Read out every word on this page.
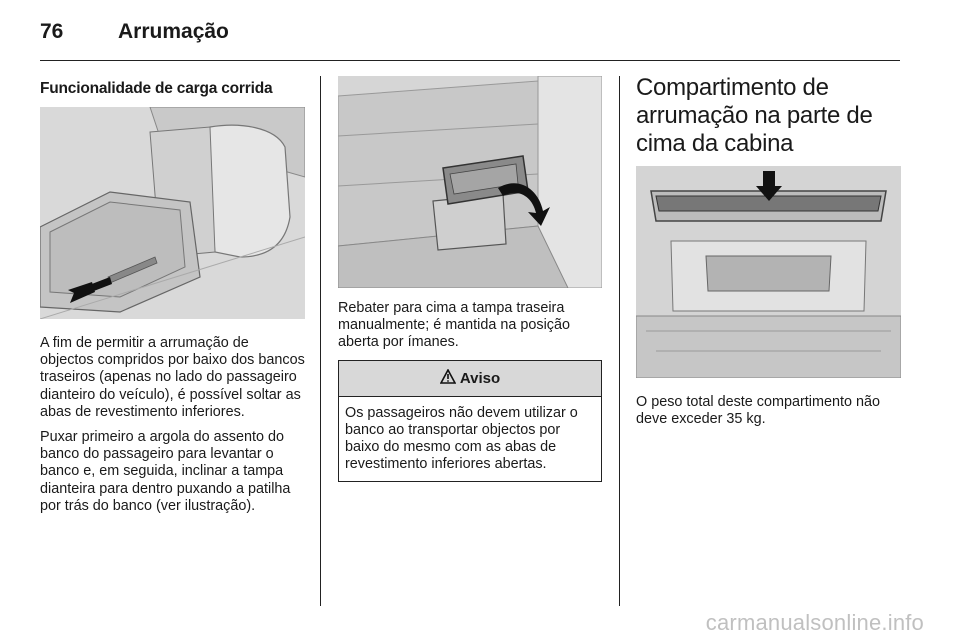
76	Arrumação
Funcionalidade de carga corrida

A fim de permitir a arrumação de objectos compridos por baixo dos bancos traseiros (apenas no lado do passageiro dianteiro do veículo), é possível soltar as abas de revestimento inferiores.

Puxar primeiro a argola do assento do banco do passageiro para levantar o banco e, em seguida, inclinar a tampa dianteira para dentro puxando a patilha por trás do banco (ver ilustração).

Rebater para cima a tampa traseira manualmente; é mantida na posição aberta por ímanes.

Aviso
Os passageiros não devem utilizar o banco ao transportar objectos por baixo do mesmo com as abas de revestimento inferiores abertas.
Compartimento de arrumação na parte de cima da cabina

O peso total deste compartimento não deve exceder 35 kg.

carmanualsonline.info
